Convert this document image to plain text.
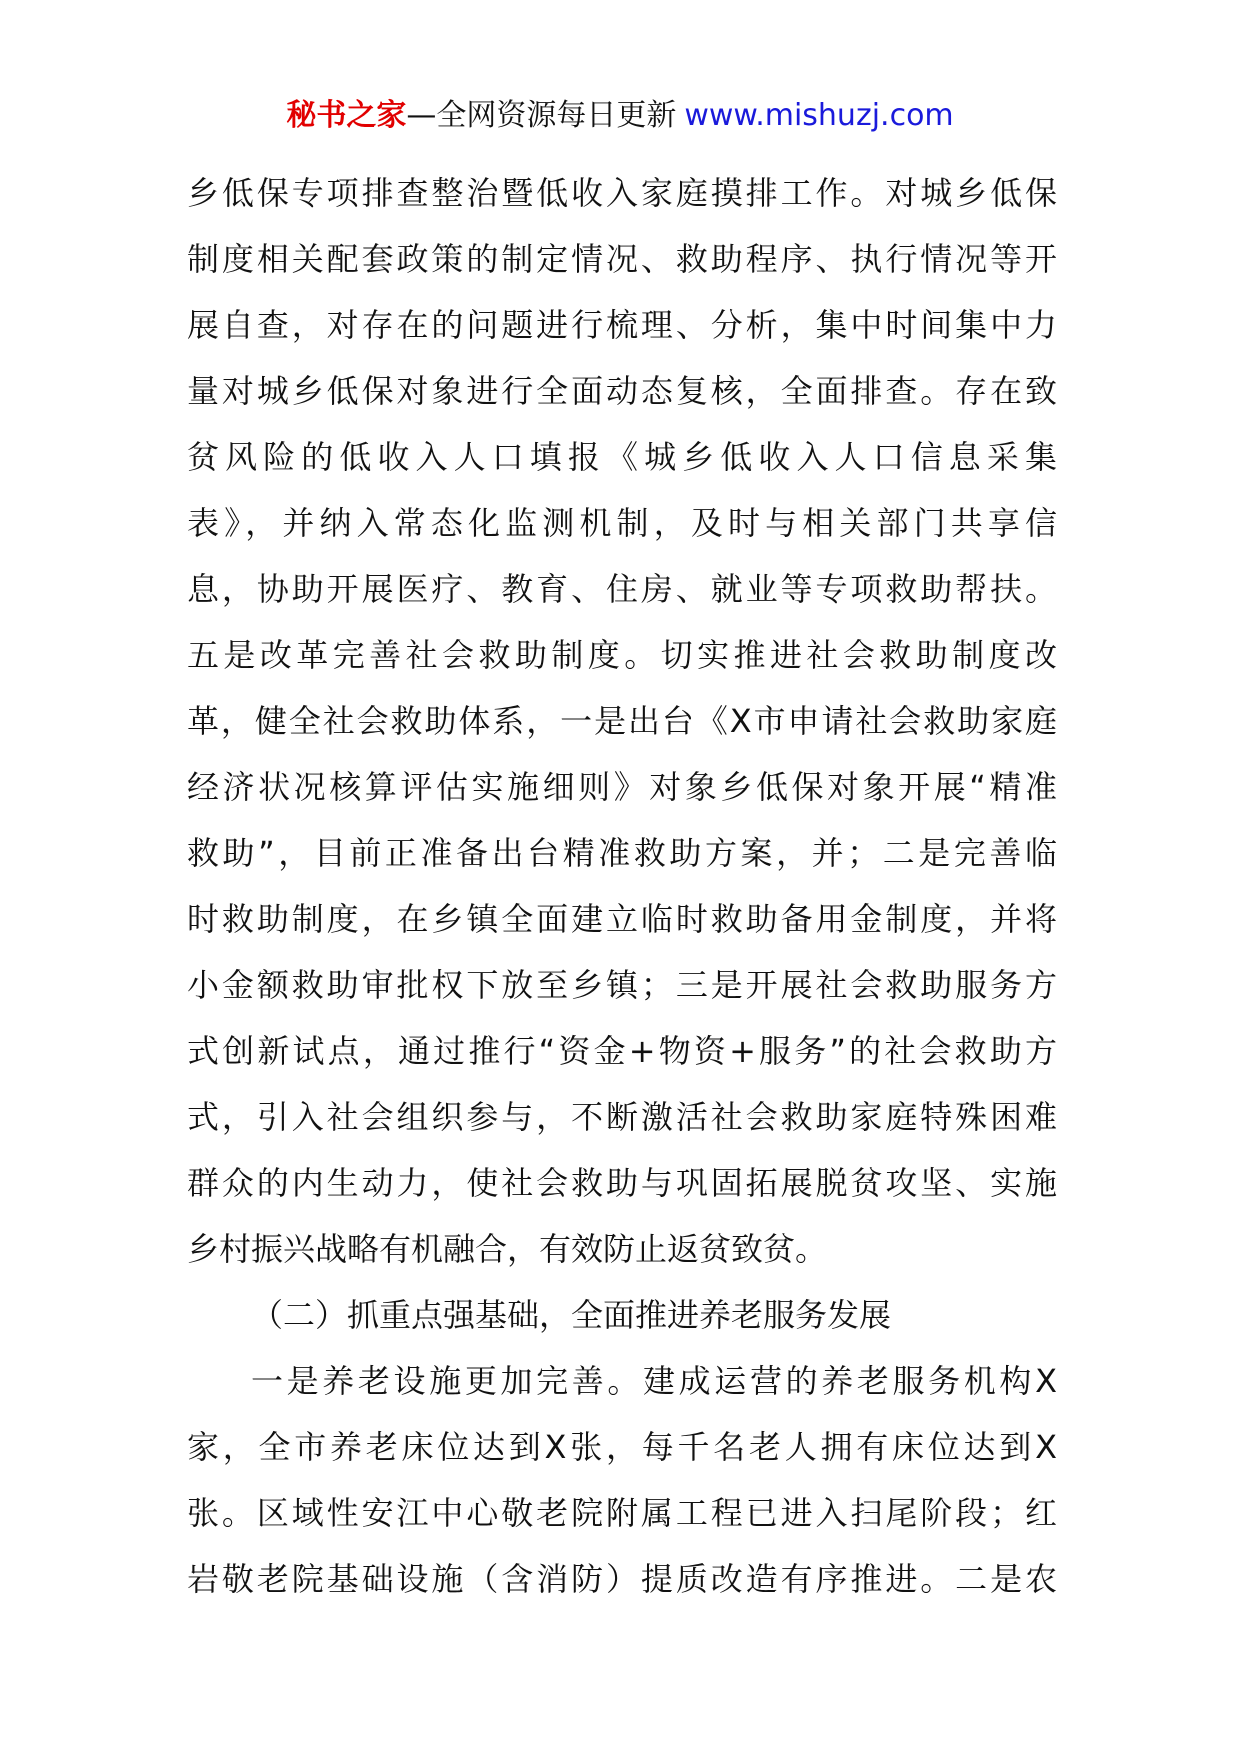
秘书之家—全网资源每日更新 www.mishuzj.com
乡低保专项排查整治暨低收入家庭摸排工作。对城乡低保
制度相关配套政策的制定情况、救助程序、执行情况等开
展自查，对存在的问题进行梳理、分析，集中时间集中力
量对城乡低保对象进行全面动态复核，全面排查。存在致
贫风险的低收入人口填报《城乡低收入人口信息采集
表》，并纳入常态化监测机制，及时与相关部门共享信
息，协助开展医疗、教育、住房、就业等专项救助帮扶。
五是改革完善社会救助制度。切实推进社会救助制度改
革，健全社会救助体系，一是出台《X市申请社会救助家庭
经济状况核算评估实施细则》对象乡低保对象开展“精准
救助”，目前正准备出台精准救助方案，并；二是完善临
时救助制度，在乡镇全面建立临时救助备用金制度，并将
小金额救助审批权下放至乡镇；三是开展社会救助服务方
式创新试点，通过推行“资金+物资+服务”的社会救助方
式，引入社会组织参与，不断激活社会救助家庭特殊困难
群众的内生动力，使社会救助与巩固拓展脱贫攻坚、实施
乡村振兴战略有机融合，有效防止返贫致贫。
（二）抓重点强基础，全面推进养老服务发展
一是养老设施更加完善。建成运营的养老服务机构X
家，全市养老床位达到X张，每千名老人拥有床位达到X
张。区域性安江中心敬老院附属工程已进入扫尾阶段；红
岩敬老院基础设施（含消防）提质改造有序推进。二是农
